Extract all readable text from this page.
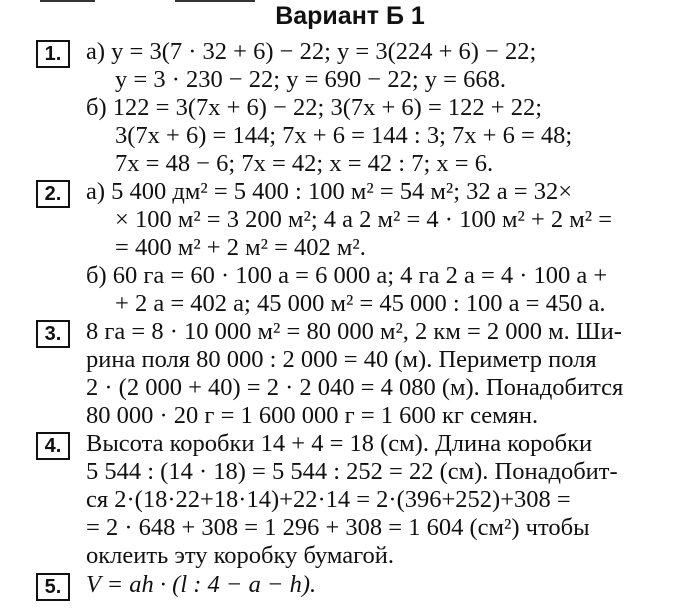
Вариант Б 1
1.	а) y = 3(7 · 32 + 6) − 22; y = 3(224 + 6) − 22;
y = 3 · 230 − 22; y = 690 − 22; y = 668.
б) 122 = 3(7x + 6) − 22; 3(7x + 6) = 122 + 22;
3(7x + 6) = 144; 7x + 6 = 144 : 3; 7x + 6 = 48;
7x = 48 − 6; 7x = 42; x = 42 : 7; x = 6.
2.	а) 5 400 дм² = 5 400 : 100 м² = 54 м²; 32 а = 32×
× 100 м² = 3 200 м²; 4 а 2 м² = 4 · 100 м² + 2 м² =
= 400 м² + 2 м² = 402 м².
б) 60 га = 60 · 100 а = 6 000 а; 4 га 2 а = 4 · 100 а +
+ 2 а = 402 а; 45 000 м² = 45 000 : 100 а = 450 а.
3.	8 га = 8 · 10 000 м² = 80 000 м², 2 км = 2 000 м. Ши-
рина поля 80 000 : 2 000 = 40 (м). Периметр поля
2 · (2 000 + 40) = 2 · 2 040 = 4 080 (м). Понадобится
80 000 · 20 г = 1 600 000 г = 1 600 кг семян.
4.	Высота коробки 14 + 4 = 18 (см). Длина коробки
5 544 : (14 · 18) = 5 544 : 252 = 22 (см). Понадобит-
ся 2·(18·22+18·14)+22·14 = 2·(396+252)+308 =
= 2 · 648 + 308 = 1 296 + 308 = 1 604 (см²) чтобы
оклеить эту коробку бумагой.
5.	V = ah · (l : 4 − a − h).
